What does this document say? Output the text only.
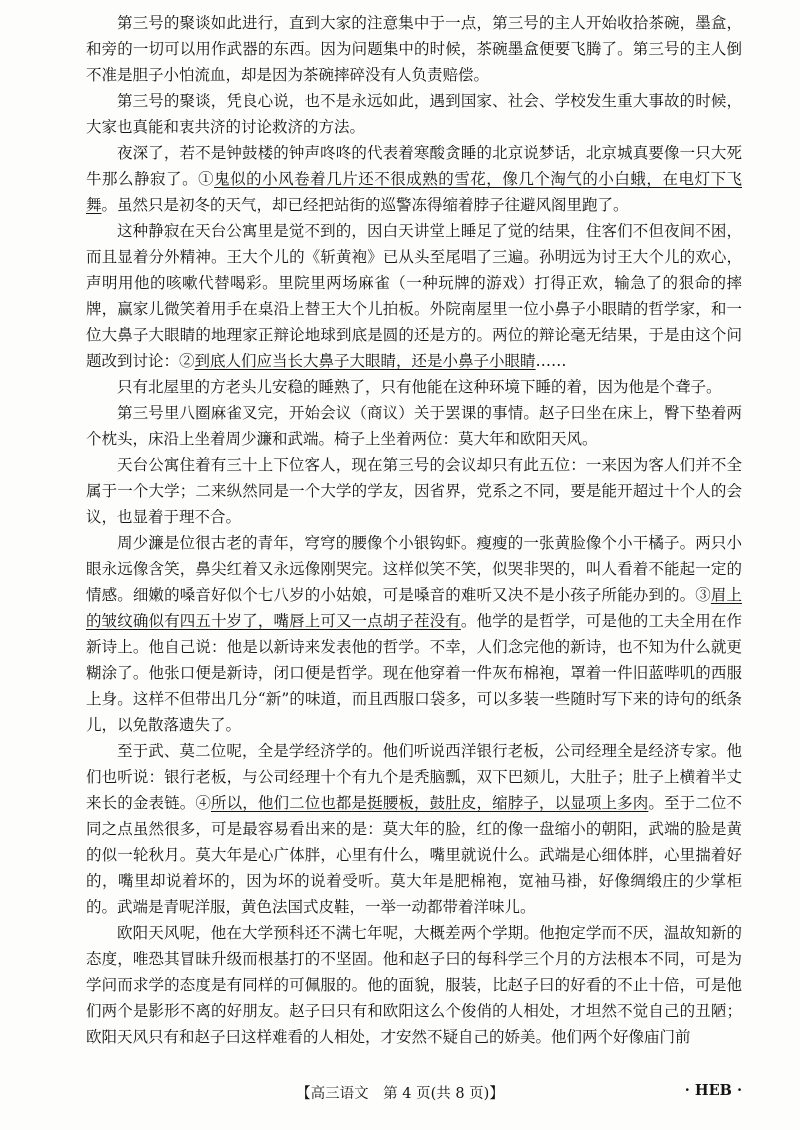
第三号的聚谈如此进行，直到大家的注意集中于一点，第三号的主人开始收拾茶碗，墨盒，和旁的一切可以用作武器的东西。因为问题集中的时候，茶碗墨盒便要飞腾了。第三号的主人倒不准是胆子小怕流血，却是因为茶碗摔碎没有人负责赔偿。

第三号的聚谈，凭良心说，也不是永远如此，遇到国家、社会、学校发生重大事故的时候，大家也真能和衷共济的讨论救济的方法。

夜深了，若不是钟鼓楼的钟声咚咚的代表着寒酸贪睡的北京说梦话，北京城真要像一只大死牛那么静寂了。①鬼似的小风卷着几片还不很成熟的雪花，像几个淘气的小白蛾，在电灯下飞舞。虽然只是初冬的天气，却已经把站街的巡警冻得缩着脖子往避风阁里跑了。

这种静寂在天台公寓里是觉不到的，因白天讲堂上睡足了觉的结果，住客们不但夜间不困，而且显着分外精神。王大个儿的《斩黄袍》已从头至尾唱了三遍。孙明远为讨王大个儿的欢心，声明用他的咳嗽代替喝彩。里院里两场麻雀（一种玩牌的游戏）打得正欢，输急了的狠命的摔牌，赢家儿微笑着用手在桌沿上替王大个儿拍板。外院南屋里一位小鼻子小眼睛的哲学家，和一位大鼻子大眼睛的地理家正辩论地球到底是圆的还是方的。两位的辩论毫无结果，于是由这个问题改到讨论：②到底人们应当长大鼻子大眼睛，还是小鼻子小眼睛……

只有北屋里的方老头儿安稳的睡熟了，只有他能在这种环境下睡的着，因为他是个聋子。

第三号里八圈麻雀叉完，开始会议（商议）关于罢课的事情。赵子曰坐在床上，臀下垫着两个枕头，床沿上坐着周少濂和武端。椅子上坐着两位：莫大年和欧阳天风。

天台公寓住着有三十上下位客人，现在第三号的会议却只有此五位：一来因为客人们并不全属于一个大学；二来纵然同是一个大学的学友，因省界，党系之不同，要是能开超过十个人的会议，也显着于理不合。

周少濂是位很古老的青年，穹穹的腰像个小银钩虾。瘦瘦的一张黄脸像个小干橘子。两只小眼永远像含笑，鼻尖红着又永远像刚哭完。这样似笑不笑，似哭非哭的，叫人看着不能起一定的情感。细嫩的嗓音好似个七八岁的小姑娘，可是嗓音的难听又决不是小孩子所能办到的。③眉上的皱纹确似有四五十岁了，嘴唇上可又一点胡子茬没有。他学的是哲学，可是他的工夫全用在作新诗上。他自己说：他是以新诗来发表他的哲学。不幸，人们念完他的新诗，也不知为什么就更糊涂了。他张口便是新诗，闭口便是哲学。现在他穿着一件灰布棉袍，罩着一件旧蓝哔叽的西服上身。这样不但带出几分“新”的味道，而且西服口袋多，可以多装一些随时写下来的诗句的纸条儿，以免散落遗失了。

至于武、莫二位呢，全是学经济学的。他们听说西洋银行老板，公司经理全是经济专家。他们也听说：银行老板，与公司经理十个有九个是秃脑瓢，双下巴颏儿，大肚子；肚子上横着半丈来长的金表链。④所以，他们二位也都是挺腰板，鼓肚皮，缩脖子，以显项上多肉。至于二位不同之点虽然很多，可是最容易看出来的是：莫大年的脸，红的像一盘缩小的朝阳，武端的脸是黄的似一轮秋月。莫大年是心广体胖，心里有什么，嘴里就说什么。武端是心细体胖，心里揣着好的，嘴里却说着坏的，因为坏的说着受听。莫大年是肥棉袍，宽袖马褂，好像绸缎庄的少掌柜的。武端是青呢洋服，黄色法国式皮鞋，一举一动都带着洋味儿。

欧阳天风呢，他在大学预科还不满七年呢，大概差两个学期。他抱定学而不厌，温故知新的态度，唯恐其冒昧升级而根基打的不坚固。他和赵子曰的每科学三个月的方法根本不同，可是为学问而求学的态度是有同样的可佩服的。他的面貌，服装，比赵子曰的好看的不止十倍，可是他们两个是影形不离的好朋友。赵子曰只有和欧阳这么个俊俏的人相处，才坦然不觉自己的丑陋；欧阳天风只有和赵子曰这样难看的人相处，才安然不疑自己的娇美。他们两个好像庙门前

【高三语文　第 4 页(共 8 页)】	· HEB ·
